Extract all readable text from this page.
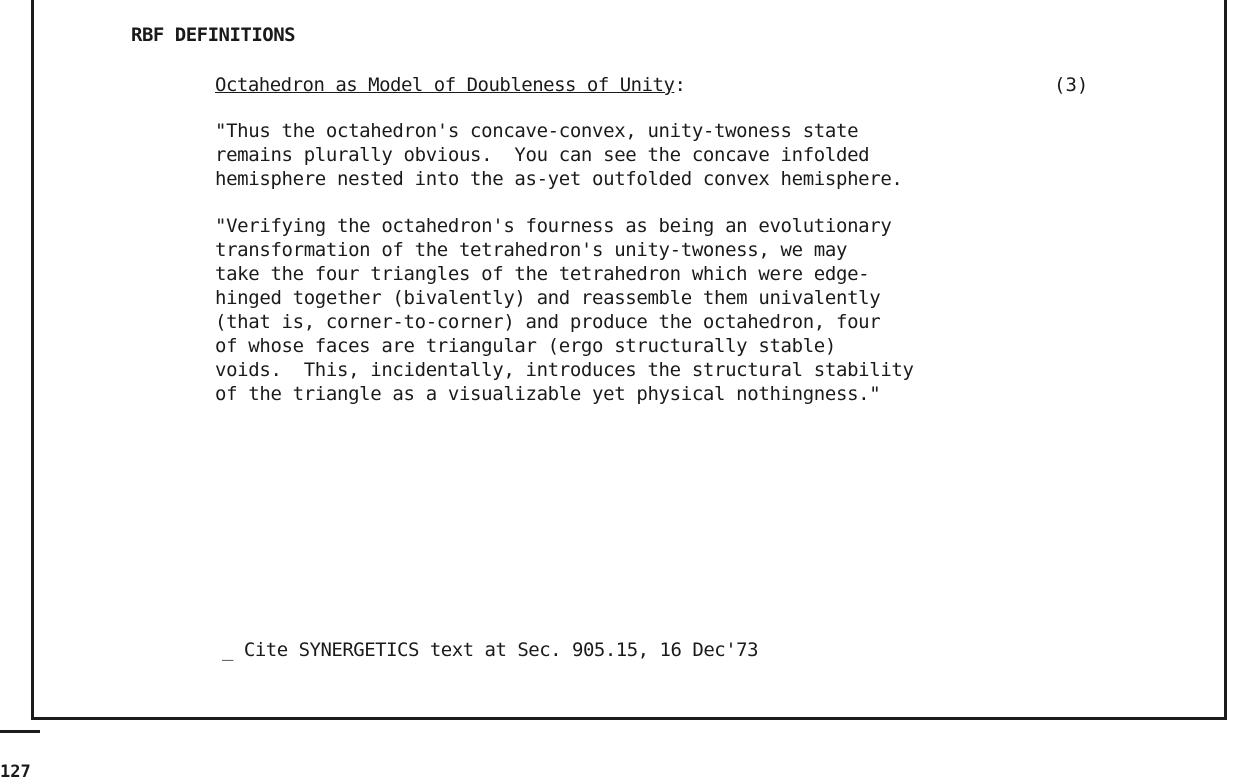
RBF DEFINITIONS
Octahedron as Model of Doubleness of Unity:	(3)

"Thus the octahedron's concave-convex, unity-twoness state
remains plurally obvious.  You can see the concave infolded
hemisphere nested into the as-yet outfolded convex hemisphere.

"Verifying the octahedron's fourness as being an evolutionary
transformation of the tetrahedron's unity-twoness, we may
take the four triangles of the tetrahedron which were edge-
hinged together (bivalently) and reassemble them univalently
(that is, corner-to-corner) and produce the octahedron, four
of whose faces are triangular (ergo structurally stable)
voids.  This, incidentally, introduces the structural stability
of the triangle as a visualizable yet physical nothingness."

_ Cite SYNERGETICS text at Sec. 905.15, 16 Dec'73
127
